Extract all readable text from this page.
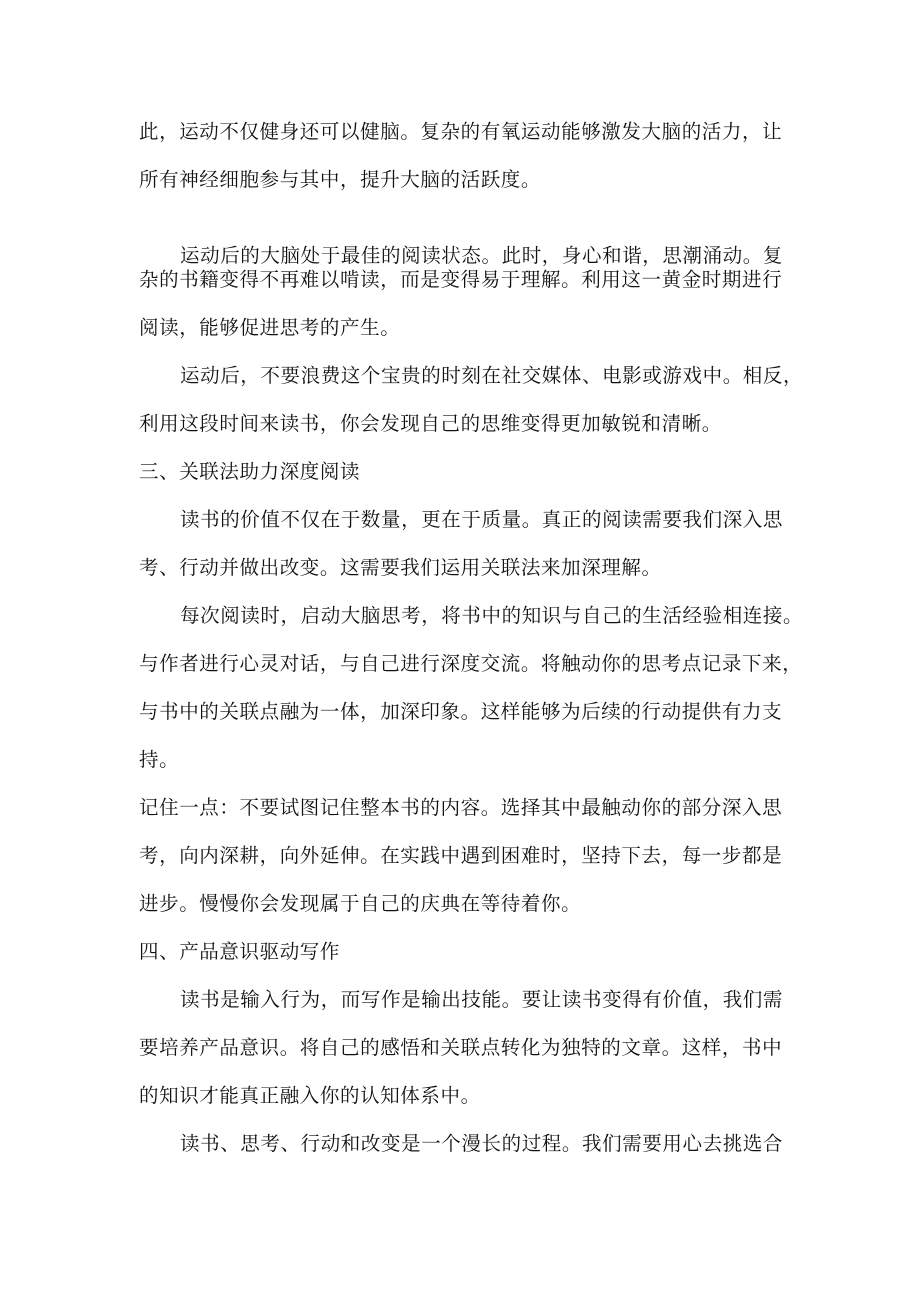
此，运动不仅健身还可以健脑。复杂的有氧运动能够激发大脑的活力，让
所有神经细胞参与其中，提升大脑的活跃度。
运动后的大脑处于最佳的阅读状态。此时，身心和谐，思潮涌动。复
杂的书籍变得不再难以啃读，而是变得易于理解。利用这一黄金时期进行
阅读，能够促进思考的产生。
运动后，不要浪费这个宝贵的时刻在社交媒体、电影或游戏中。相反，
利用这段时间来读书，你会发现自己的思维变得更加敏锐和清晰。
三、关联法助力深度阅读
读书的价值不仅在于数量，更在于质量。真正的阅读需要我们深入思
考、行动并做出改变。这需要我们运用关联法来加深理解。
每次阅读时，启动大脑思考，将书中的知识与自己的生活经验相连接。
与作者进行心灵对话，与自己进行深度交流。将触动你的思考点记录下来，
与书中的关联点融为一体，加深印象。这样能够为后续的行动提供有力支
持。
记住一点：不要试图记住整本书的内容。选择其中最触动你的部分深入思
考，向内深耕，向外延伸。在实践中遇到困难时，坚持下去，每一步都是
进步。慢慢你会发现属于自己的庆典在等待着你。
四、产品意识驱动写作
读书是输入行为，而写作是输出技能。要让读书变得有价值，我们需
要培养产品意识。将自己的感悟和关联点转化为独特的文章。这样，书中
的知识才能真正融入你的认知体系中。
读书、思考、行动和改变是一个漫长的过程。我们需要用心去挑选合
